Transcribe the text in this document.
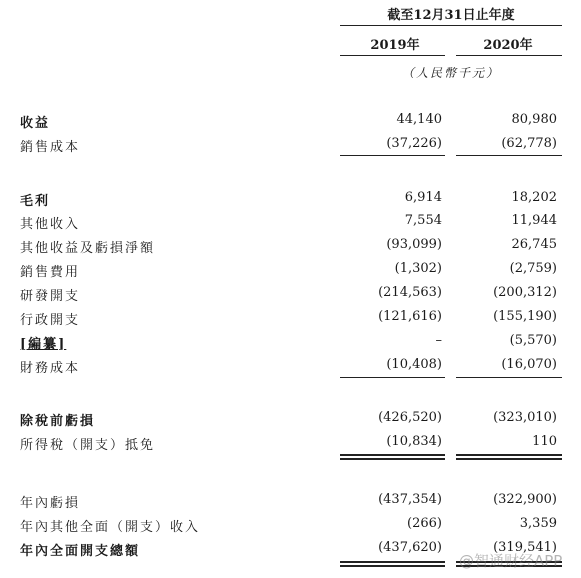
截至12月31日止年度
2019年	2020年
（人民幣千元）
收益	44,140	80,980
銷售成本	(37,226)	(62,778)
毛利	6,914	18,202
其他收入	7,554	11,944
其他收益及虧損淨額	(93,099)	26,745
銷售費用	(1,302)	(2,759)
研發開支	(214,563)	(200,312)
行政開支	(121,616)	(155,190)
[編纂]	–	(5,570)
財務成本	(10,408)	(16,070)
除稅前虧損	(426,520)	(323,010)
所得稅（開支）抵免	(10,834)	110
年內虧損	(437,354)	(322,900)
年內其他全面（開支）收入	(266)	3,359
年內全面開支總額	(437,620)	(319,541)
@智通财经APP
